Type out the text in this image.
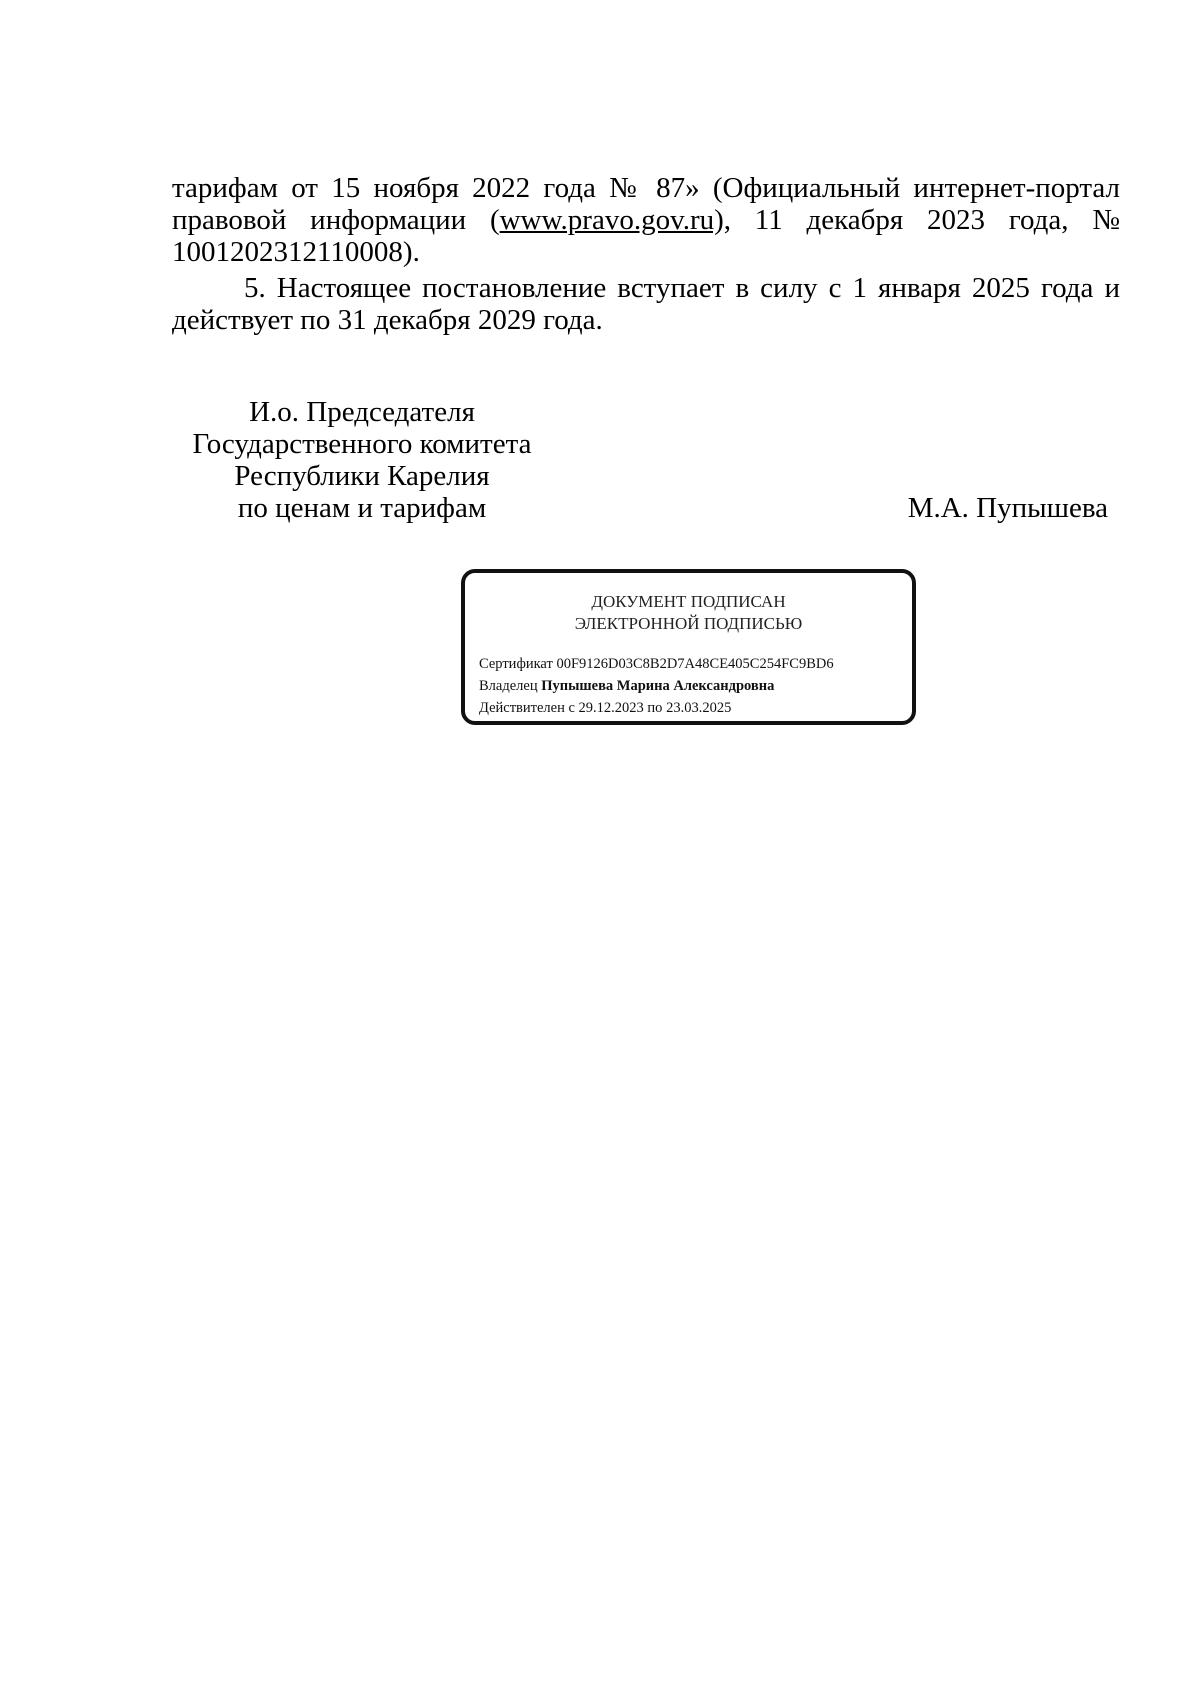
тарифам от 15 ноября 2022 года № 87» (Официальный интернет-портал правовой информации (www.pravo.gov.ru), 11 декабря 2023 года, № 1001202312110008).

5. Настоящее постановление вступает в силу с 1 января 2025 года и действует по 31 декабря 2029 года.

И.о. Председателя
Государственного комитета
Республики Карелия
по ценам и тарифам	М.А. Пупышева
ДОКУМЕНТ ПОДПИСАН
ЭЛЕКТРОННОЙ ПОДПИСЬЮ
Сертификат 00F9126D03C8B2D7A48CE405C254FC9BD6
Владелец Пупышева Марина Александровна
Действителен с 29.12.2023 по 23.03.2025
